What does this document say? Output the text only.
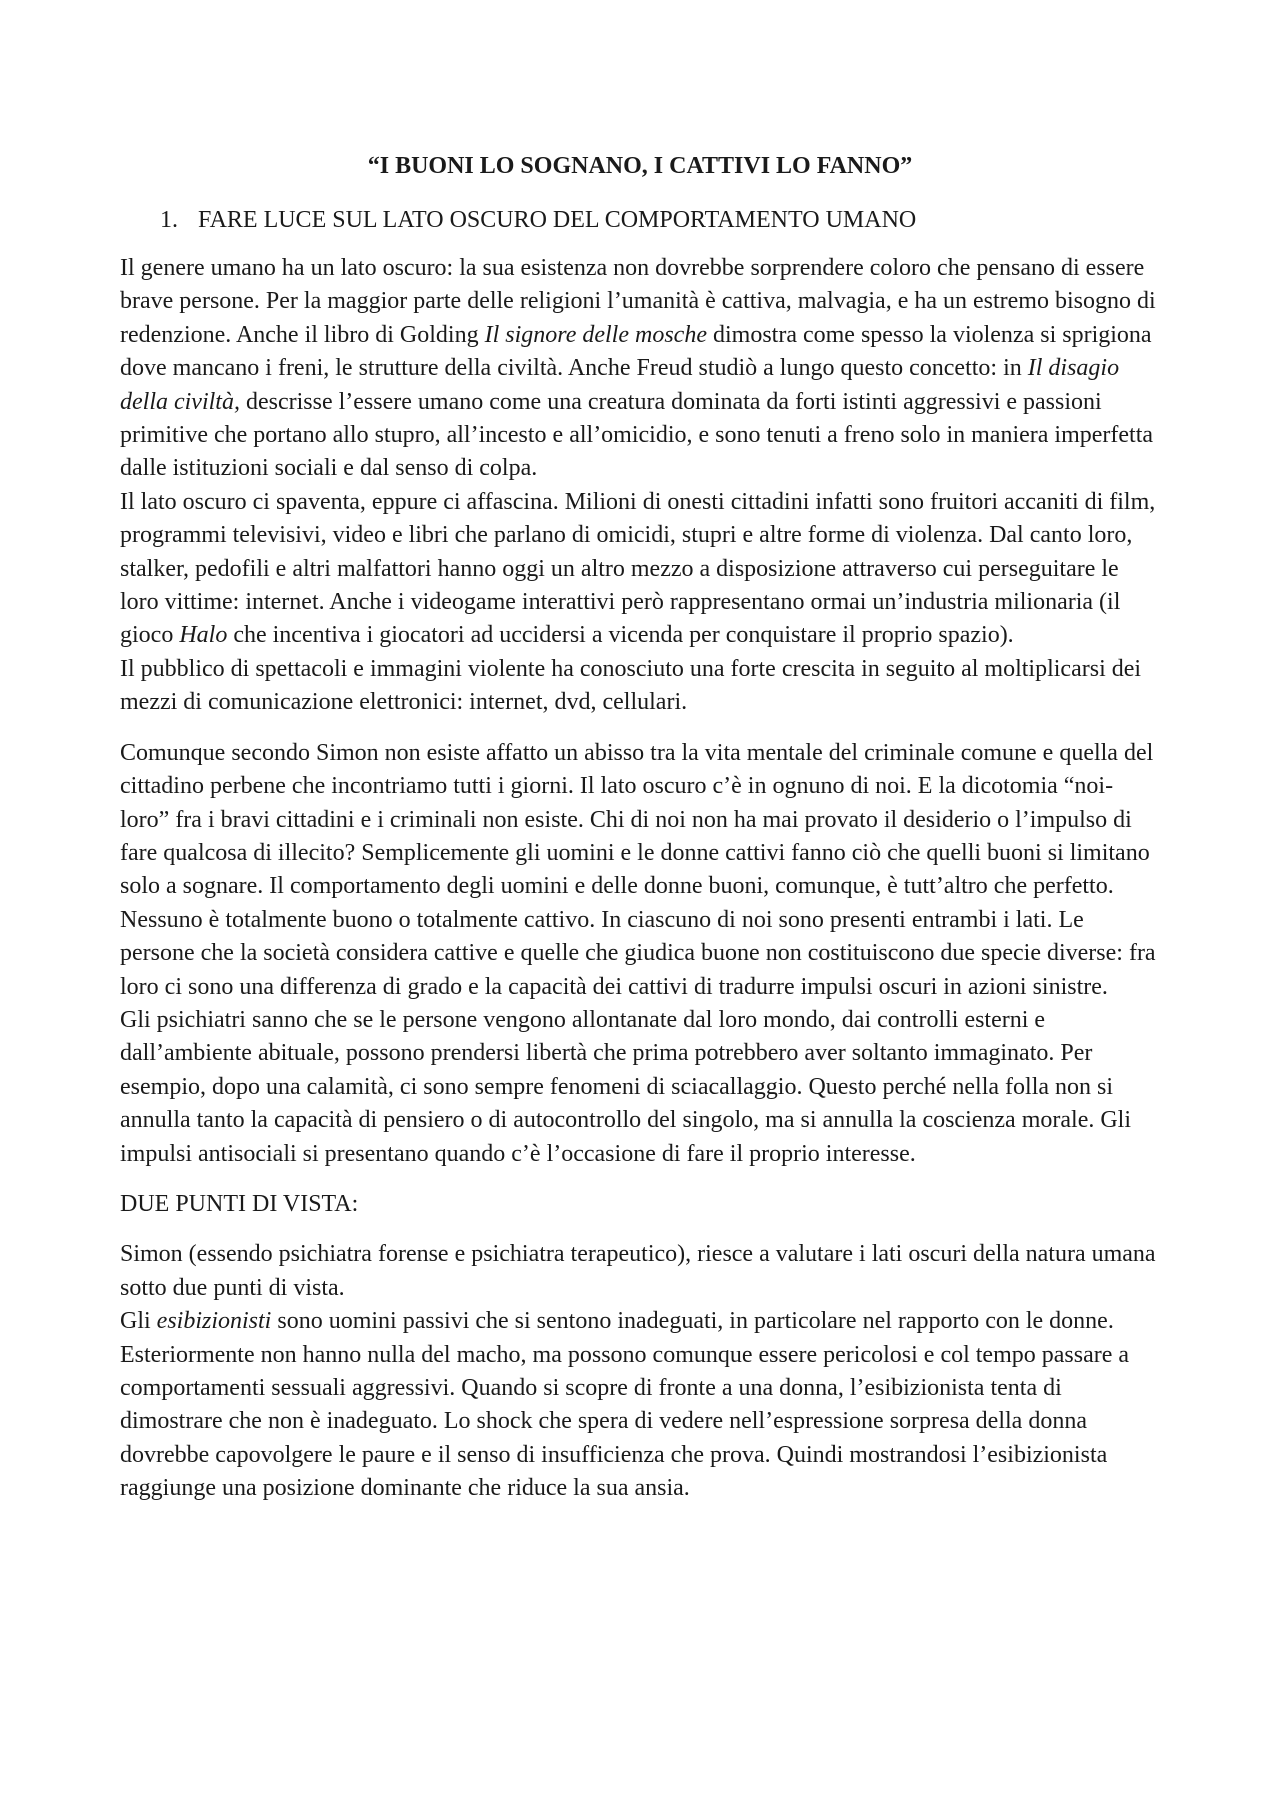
“I BUONI LO SOGNANO, I CATTIVI LO FANNO”
1. FARE LUCE SUL LATO OSCURO DEL COMPORTAMENTO UMANO

Il genere umano ha un lato oscuro: la sua esistenza non dovrebbe sorprendere coloro che pensano di essere brave persone. Per la maggior parte delle religioni l’umanità è cattiva, malvagia, e ha un estremo bisogno di redenzione. Anche il libro di Golding Il signore delle mosche dimostra come spesso la violenza si sprigiona dove mancano i freni, le strutture della civiltà. Anche Freud studiò a lungo questo concetto: in Il disagio della civiltà, descrisse l’essere umano come una creatura dominata da forti istinti aggressivi e passioni primitive che portano allo stupro, all’incesto e all’omicidio, e sono tenuti a freno solo in maniera imperfetta dalle istituzioni sociali e dal senso di colpa.

Il lato oscuro ci spaventa, eppure ci affascina. Milioni di onesti cittadini infatti sono fruitori accaniti di film, programmi televisivi, video e libri che parlano di omicidi, stupri e altre forme di violenza. Dal canto loro, stalker, pedofili e altri malfattori hanno oggi un altro mezzo a disposizione attraverso cui perseguitare le loro vittime: internet. Anche i videogame interattivi però rappresentano ormai un’industria milionaria (il gioco Halo che incentiva i giocatori ad uccidersi a vicenda per conquistare il proprio spazio).

Il pubblico di spettacoli e immagini violente ha conosciuto una forte crescita in seguito al moltiplicarsi dei mezzi di comunicazione elettronici: internet, dvd, cellulari.

Comunque secondo Simon non esiste affatto un abisso tra la vita mentale del criminale comune e quella del cittadino perbene che incontriamo tutti i giorni. Il lato oscuro c’è in ognuno di noi. E la dicotomia “noi-loro” fra i bravi cittadini e i criminali non esiste. Chi di noi non ha mai provato il desiderio o l’impulso di fare qualcosa di illecito? Semplicemente gli uomini e le donne cattivi fanno ciò che quelli buoni si limitano solo a sognare. Il comportamento degli uomini e delle donne buoni, comunque, è tutt’altro che perfetto. Nessuno è totalmente buono o totalmente cattivo. In ciascuno di noi sono presenti entrambi i lati. Le persone che la società considera cattive e quelle che giudica buone non costituiscono due specie diverse: fra loro ci sono una differenza di grado e la capacità dei cattivi di tradurre impulsi oscuri in azioni sinistre.

Gli psichiatri sanno che se le persone vengono allontanate dal loro mondo, dai controlli esterni e dall’ambiente abituale, possono prendersi libertà che prima potrebbero aver soltanto immaginato. Per esempio, dopo una calamità, ci sono sempre fenomeni di sciacallaggio. Questo perché nella folla non si annulla tanto la capacità di pensiero o di autocontrollo del singolo, ma si annulla la coscienza morale. Gli impulsi antisociali si presentano quando c’è l’occasione di fare il proprio interesse.

DUE PUNTI DI VISTA:

Simon (essendo psichiatra forense e psichiatra terapeutico), riesce a valutare i lati oscuri della natura umana sotto due punti di vista.

Gli esibizionisti sono uomini passivi che si sentono inadeguati, in particolare nel rapporto con le donne. Esteriormente non hanno nulla del macho, ma possono comunque essere pericolosi e col tempo passare a comportamenti sessuali aggressivi. Quando si scopre di fronte a una donna, l’esibizionista tenta di dimostrare che non è inadeguato. Lo shock che spera di vedere nell’espressione sorpresa della donna dovrebbe capovolgere le paure e il senso di insufficienza che prova. Quindi mostrandosi l’esibizionista raggiunge una posizione dominante che riduce la sua ansia.
